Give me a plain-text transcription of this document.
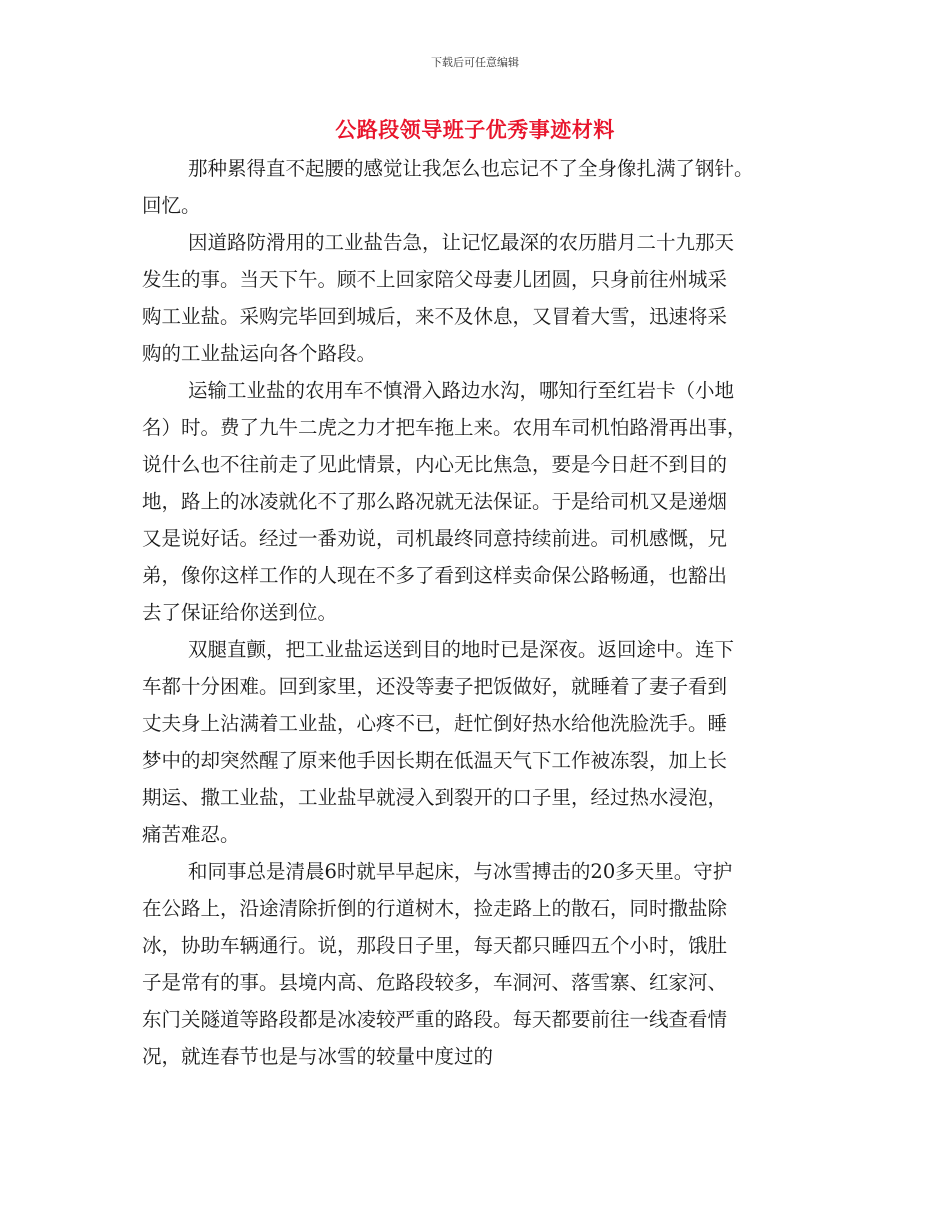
下载后可任意编辑
公路段领导班子优秀事迹材料
那种累得直不起腰的感觉让我怎么也忘记不了全身像扎满了钢针。
回忆。
因道路防滑用的工业盐告急，让记忆最深的农历腊月二十九那天
发生的事。当天下午。顾不上回家陪父母妻儿团圆，只身前往州城采
购工业盐。采购完毕回到城后，来不及休息，又冒着大雪，迅速将采
购的工业盐运向各个路段。
运输工业盐的农用车不慎滑入路边水沟，哪知行至红岩卡（小地
名）时。费了九牛二虎之力才把车拖上来。农用车司机怕路滑再出事，
说什么也不往前走了见此情景，内心无比焦急，要是今日赶不到目的
地，路上的冰凌就化不了那么路况就无法保证。于是给司机又是递烟
又是说好话。经过一番劝说，司机最终同意持续前进。司机感慨，兄
弟，像你这样工作的人现在不多了看到这样卖命保公路畅通，也豁出
去了保证给你送到位。
双腿直颤，把工业盐运送到目的地时已是深夜。返回途中。连下
车都十分困难。回到家里，还没等妻子把饭做好，就睡着了妻子看到
丈夫身上沾满着工业盐，心疼不已，赶忙倒好热水给他洗脸洗手。睡
梦中的却突然醒了原来他手因长期在低温天气下工作被冻裂，加上长
期运、撒工业盐，工业盐早就浸入到裂开的口子里，经过热水浸泡，
痛苦难忍。
和同事总是清晨6时就早早起床，与冰雪搏击的20多天里。守护
在公路上，沿途清除折倒的行道树木，捡走路上的散石，同时撒盐除
冰，协助车辆通行。说，那段日子里，每天都只睡四五个小时，饿肚
子是常有的事。县境内高、危路段较多，车洞河、落雪寨、红家河、
东门关隧道等路段都是冰凌较严重的路段。每天都要前往一线查看情
况，就连春节也是与冰雪的较量中度过的
